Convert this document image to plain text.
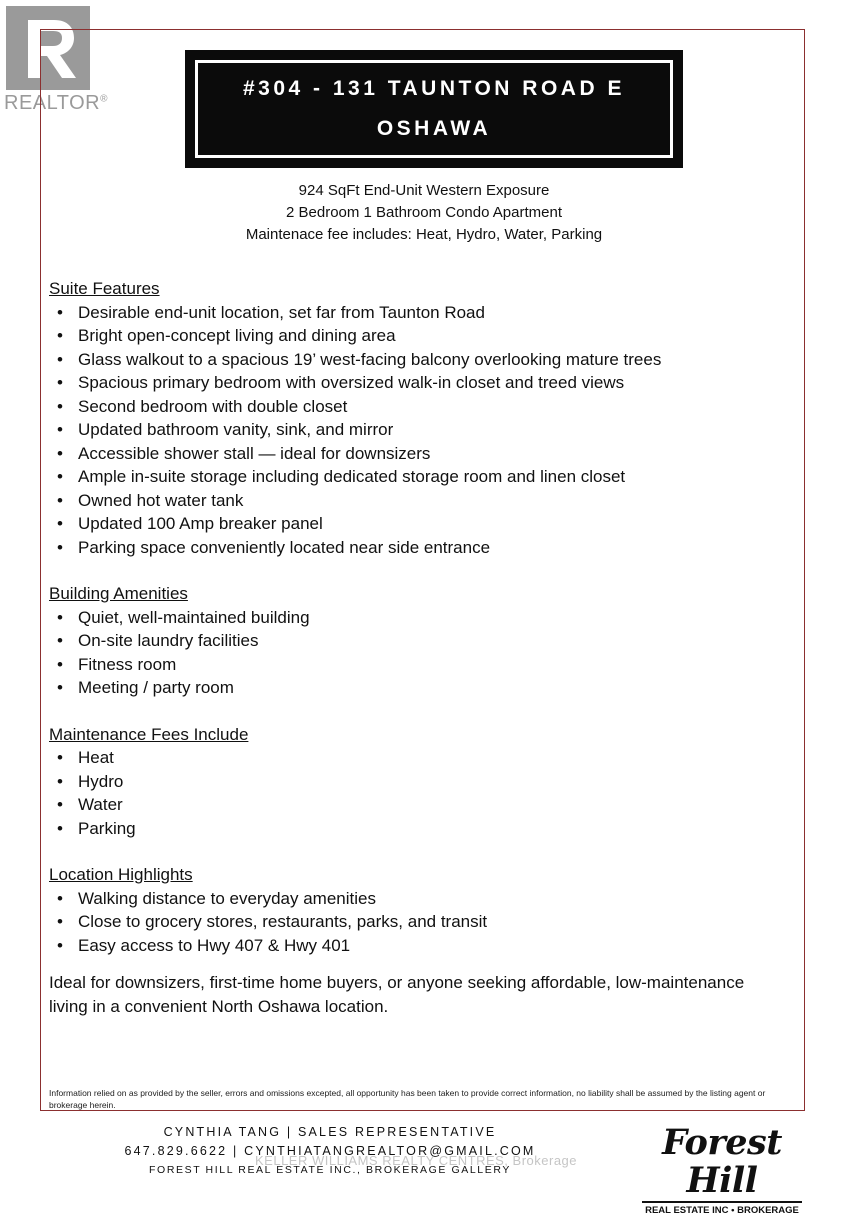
REALTOR®	#304 - 131 TAUNTON ROAD E
OSHAWA
924 SqFt End-Unit Western Exposure
2 Bedroom 1 Bathroom Condo Apartment
Maintenace fee includes: Heat, Hydro, Water, Parking
Suite Features
• Desirable end-unit location, set far from Taunton Road
• Bright open-concept living and dining area
• Glass walkout to a spacious 19’ west-facing balcony overlooking mature trees
• Spacious primary bedroom with oversized walk-in closet and treed views
• Second bedroom with double closet
• Updated bathroom vanity, sink, and mirror
• Accessible shower stall — ideal for downsizers
• Ample in-suite storage including dedicated storage room and linen closet
• Owned hot water tank
• Updated 100 Amp breaker panel
• Parking space conveniently located near side entrance
Building Amenities
• Quiet, well-maintained building
• On-site laundry facilities
• Fitness room
• Meeting / party room
Maintenance Fees Include
• Heat
• Hydro
• Water
• Parking
Location Highlights
• Walking distance to everyday amenities
• Close to grocery stores, restaurants, parks, and transit
• Easy access to Hwy 407 & Hwy 401
Ideal for downsizers, first-time home buyers, or anyone seeking affordable, low-maintenance living in a convenient North Oshawa location.
Information relied on as provided by the seller, errors and omissions excepted, all opportunity has been taken to provide correct information, no liability shall be assumed by the listing agent or brokerage herein.
CYNTHIA TANG | SALES REPRESENTATIVE
647.829.6622 | CYNTHIATANGREALTOR@GMAIL.COM
FOREST HILL REAL ESTATE INC., BROKERAGE GALLERY
KELLER WILLIAMS REALTY CENTRES, Brokerage	Forest Hill
REAL ESTATE INC • BROKERAGE
